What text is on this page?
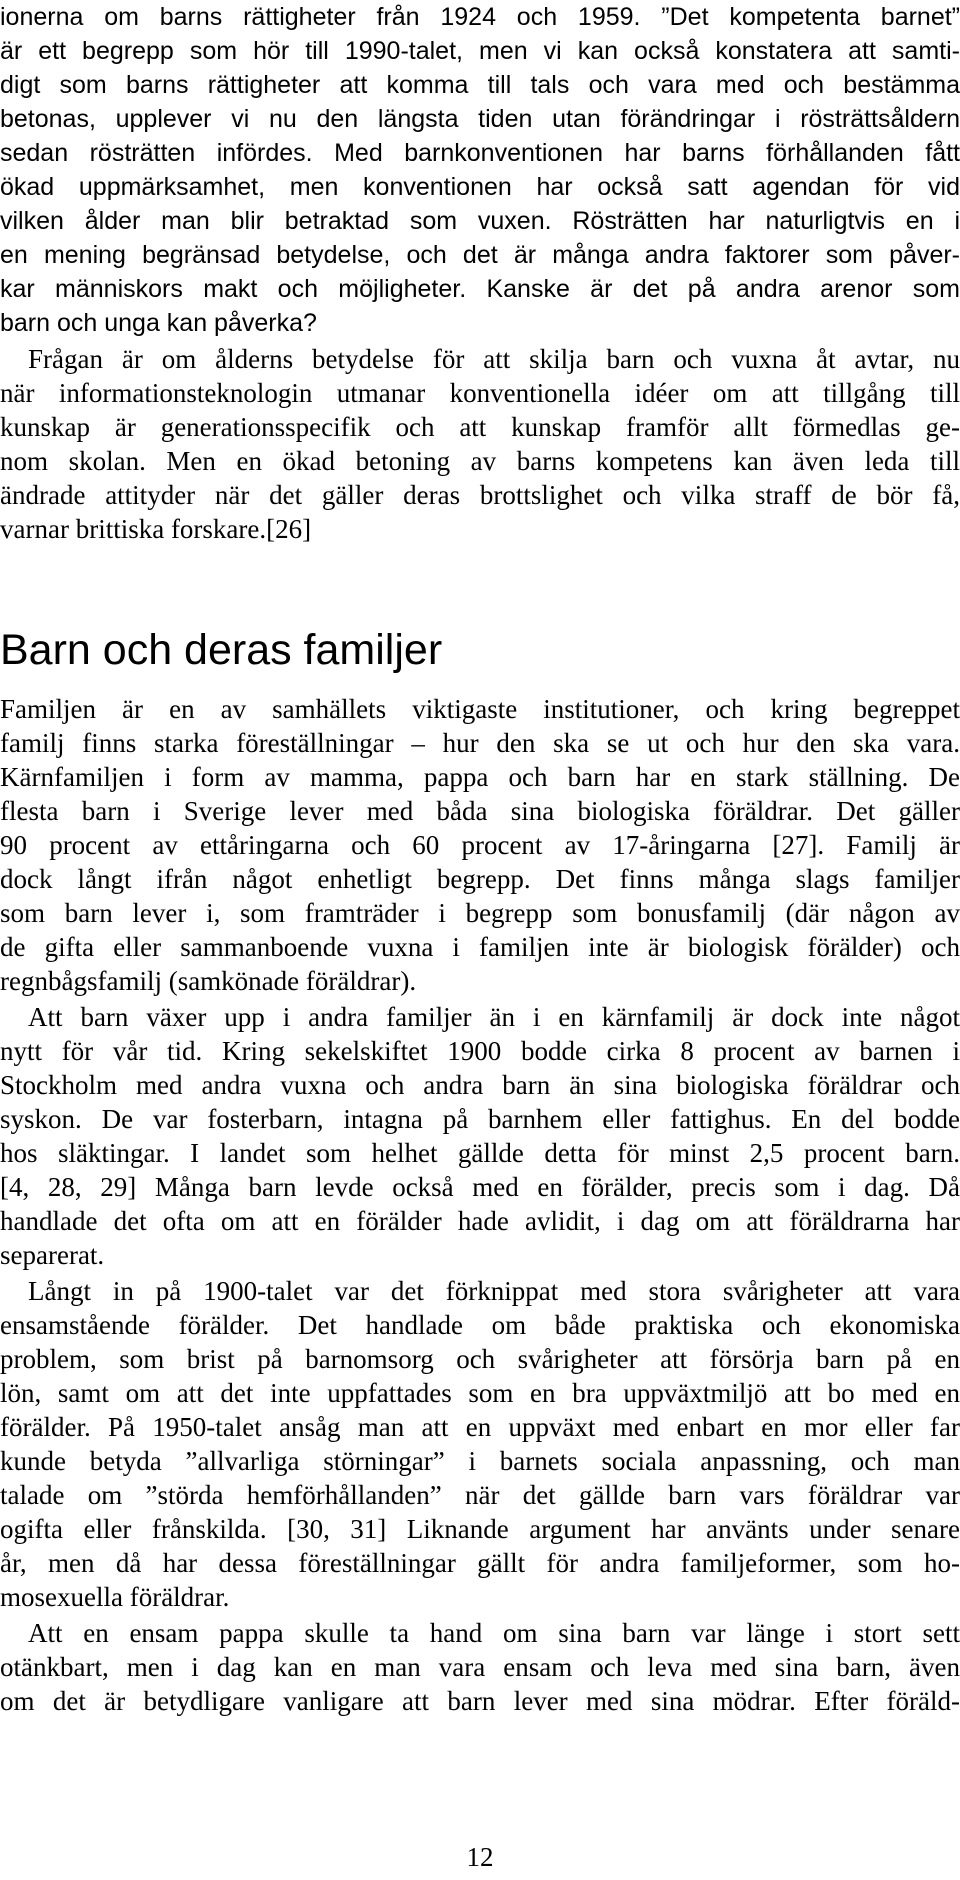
ionerna om barns rättigheter från 1924 och 1959. ”Det kompetenta barnet”
är ett begrepp som hör till 1990-talet, men vi kan också konstatera att samti-
digt som barns rättigheter att komma till tals och vara med och bestämma
betonas, upplever vi nu den längsta tiden utan förändringar i rösträttsåldern
sedan rösträtten infördes. Med barnkonventionen har barns förhållanden fått
ökad uppmärksamhet, men konventionen har också satt agendan för vid
vilken ålder man blir betraktad som vuxen. Rösträtten har naturligtvis en i
en mening begränsad betydelse, och det är många andra faktorer som påver-
kar människors makt och möjligheter. Kanske är det på andra arenor som
barn och unga kan påverka?
Frågan är om ålderns betydelse för att skilja barn och vuxna åt avtar, nu
när informationsteknologin utmanar konventionella idéer om att tillgång till
kunskap är generationsspecifik och att kunskap framför allt förmedlas ge-
nom skolan. Men en ökad betoning av barns kompetens kan även leda till
ändrade attityder när det gäller deras brottslighet och vilka straff de bör få,
varnar brittiska forskare.[26]
Barn och deras familjer
Familjen är en av samhällets viktigaste institutioner, och kring begreppet
familj finns starka föreställningar – hur den ska se ut och hur den ska vara.
Kärnfamiljen i form av mamma, pappa och barn har en stark ställning. De
flesta barn i Sverige lever med båda sina biologiska föräldrar. Det gäller
90 procent av ettåringarna och 60 procent av 17-åringarna [27]. Familj är
dock långt ifrån något enhetligt begrepp. Det finns många slags familjer
som barn lever i, som framträder i begrepp som bonusfamilj (där någon av
de gifta eller sammanboende vuxna i familjen inte är biologisk förälder) och
regnbågsfamilj (samkönade föräldrar).
Att barn växer upp i andra familjer än i en kärnfamilj är dock inte något
nytt för vår tid. Kring sekelskiftet 1900 bodde cirka 8 procent av barnen i
Stockholm med andra vuxna och andra barn än sina biologiska föräldrar och
syskon. De var fosterbarn, intagna på barnhem eller fattighus. En del bodde
hos släktingar. I landet som helhet gällde detta för minst 2,5 procent barn.
[4, 28, 29] Många barn levde också med en förälder, precis som i dag. Då
handlade det ofta om att en förälder hade avlidit, i dag om att föräldrarna har
separerat.
Långt in på 1900-talet var det förknippat med stora svårigheter att vara
ensamstående förälder. Det handlade om både praktiska och ekonomiska
problem, som brist på barnomsorg och svårigheter att försörja barn på en
lön, samt om att det inte uppfattades som en bra uppväxtmiljö att bo med en
förälder. På 1950-talet ansåg man att en uppväxt med enbart en mor eller far
kunde betyda ”allvarliga störningar” i barnets sociala anpassning, och man
talade om ”störda hemförhållanden” när det gällde barn vars föräldrar var
ogifta eller frånskilda. [30, 31] Liknande argument har använts under senare
år, men då har dessa föreställningar gällt för andra familjeformer, som ho-
mosexuella föräldrar.
Att en ensam pappa skulle ta hand om sina barn var länge i stort sett
otänkbart, men i dag kan en man vara ensam och leva med sina barn, även
om det är betydligare vanligare att barn lever med sina mödrar. Efter föräld-
12
